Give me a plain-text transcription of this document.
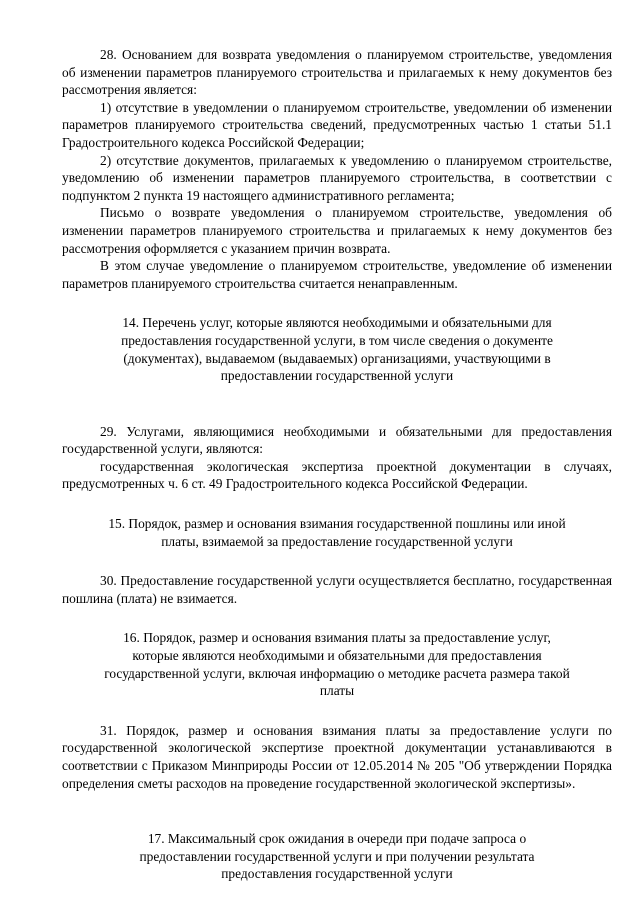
28. Основанием для возврата уведомления о планируемом строительстве, уведомления об изменении параметров планируемого строительства и прилагаемых к нему документов без рассмотрения является:

1) отсутствие в уведомлении о планируемом строительстве, уведомлении об изменении параметров планируемого строительства сведений, предусмотренных частью 1 статьи 51.1 Градостроительного кодекса Российской Федерации;

2) отсутствие документов, прилагаемых к уведомлению о планируемом строительстве, уведомлению об изменении параметров планируемого строительства, в соответствии с подпунктом 2 пункта 19 настоящего административного регламента;

Письмо о возврате уведомления о планируемом строительстве, уведомления об изменении параметров планируемого строительства и прилагаемых к нему документов без рассмотрения оформляется с указанием причин возврата.

В этом случае уведомление о планируемом строительстве, уведомление об изменении параметров планируемого строительства считается ненаправленным.

14. Перечень услуг, которые являются необходимыми и обязательными для предоставления государственной услуги, в том числе сведения о документе (документах), выдаваемом (выдаваемых) организациями, участвующими в предоставлении государственной услуги

29. Услугами, являющимися необходимыми и обязательными для предоставления государственной услуги, являются:

государственная экологическая экспертиза проектной документации в случаях, предусмотренных ч. 6 ст. 49 Градостроительного кодекса Российской Федерации.

15. Порядок, размер и основания взимания государственной пошлины или иной платы, взимаемой за предоставление государственной услуги

30. Предоставление государственной услуги осуществляется бесплатно, государственная пошлина (плата) не взимается.

16. Порядок, размер и основания взимания платы за предоставление услуг, которые являются необходимыми и обязательными для предоставления государственной услуги, включая информацию о методике расчета размера такой платы

31. Порядок, размер и основания взимания платы за предоставление услуги по государственной экологической экспертизе проектной документации устанавливаются в соответствии с Приказом Минприроды России от 12.05.2014 № 205 "Об утверждении Порядка определения сметы расходов на проведение государственной экологической экспертизы».

17. Максимальный срок ожидания в очереди при подаче запроса о предоставлении государственной услуги и при получении результата предоставления государственной услуги
